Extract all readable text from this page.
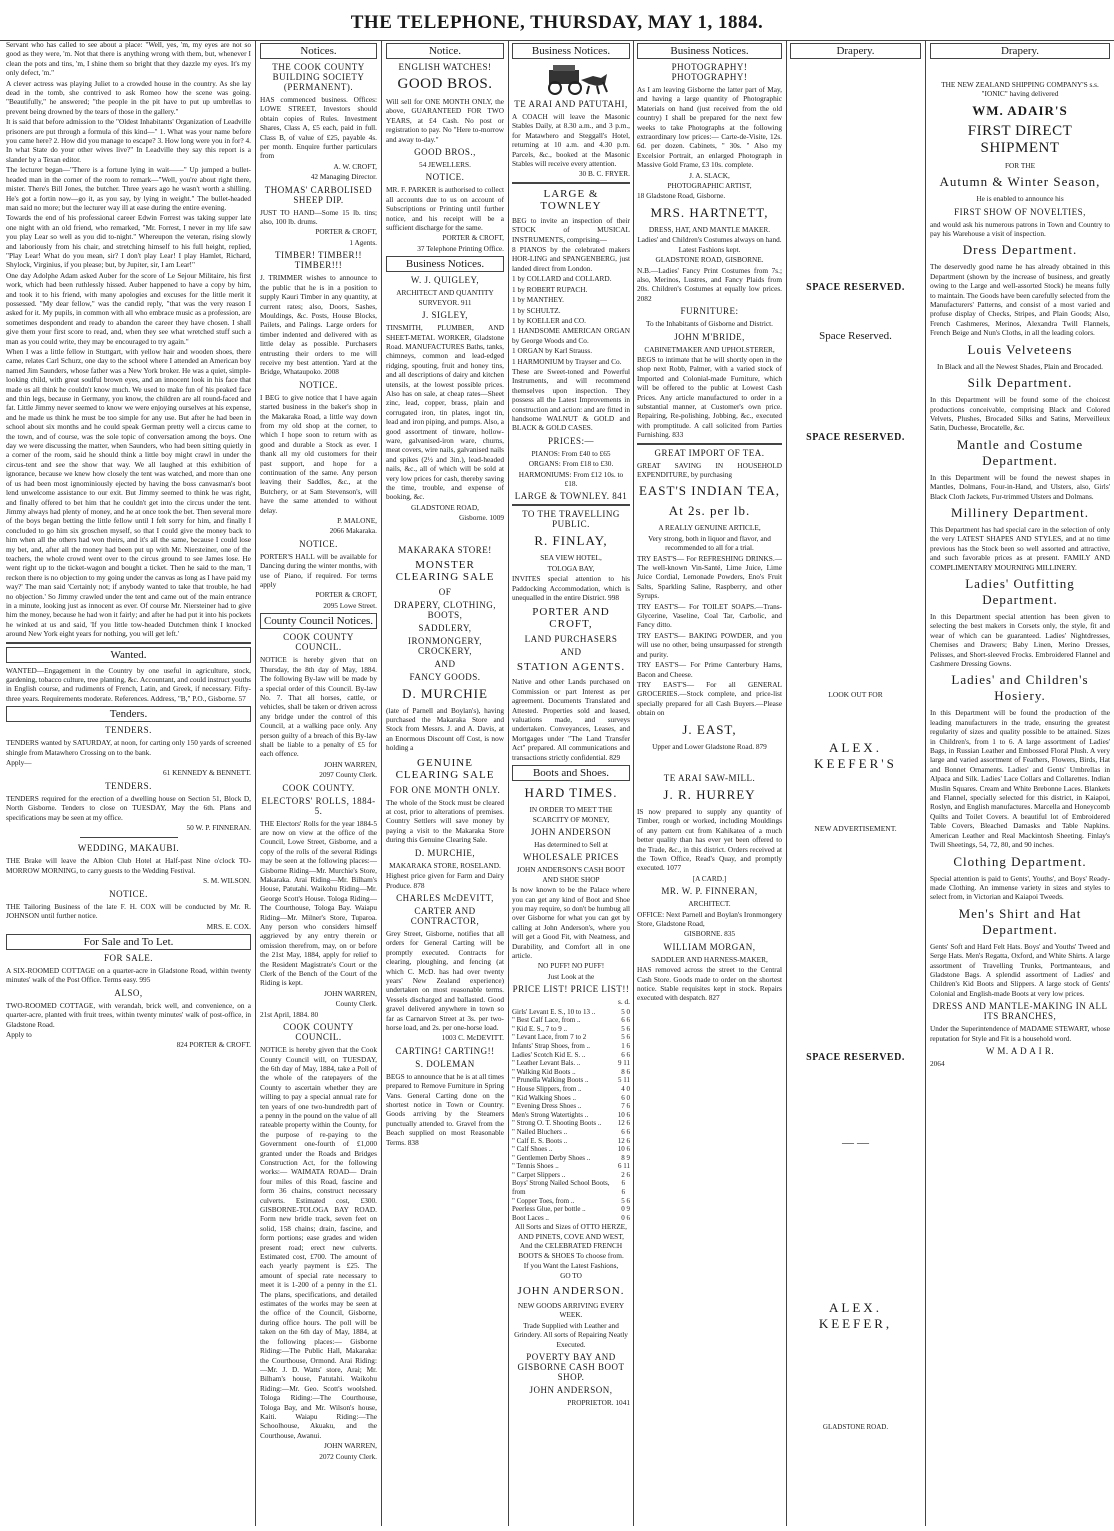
THE TELEPHONE, THURSDAY, MAY 1, 1884.

Servant who has called to see about a place: "Well, yes, 'm, my eyes are not so good as they were, 'm. Not that there is anything wrong with them, but, whenever I clean the pots and tins, 'm, I shine them so bright that they dazzle my eyes. It's my only defect, 'm."

A clever actress was playing Juliet to a crowded house in the country. As she lay dead in the tomb, she contrived to ask Romeo how the scene was going. "Beautifully," he answered; "the people in the pit have to put up umbrellas to prevent being drowned by the tears of those in the gallery."

It is said that before admission to the "Oldest Inhabitants' Organization of Leadville prisoners are put through a formula of this kind—" 1. What was your name before you came here? 2. How did you manage to escape? 3. How long were you in for? 4. In what State do your other wives live?" In Leadville they say this report is a slander by a Texan editor.

The lecturer began—"There is a fortune lying in wait——" Up jumped a bullet-headed man in the corner of the room to remark—"Well, you're about right there, mister. There's Bill Jones, the butcher. Three years ago he wasn't worth a shilling. He's got a fortin now—go it, as you say, by lying in weight." The bullet-headed man said no more; but the lecturer way ill at ease during the entire evening.

Towards the end of his professional career Edwin Forrest was taking supper late one night with an old friend, who remarked, "Mr. Forrest, I never in my life saw you play Lear so well as you did to-night." Whereupon the veteran, rising slowly and laboriously from his chair, and stretching himself to his full height, replied, "Play Lear! What do you mean, sir? I don't play Lear! I play Hamlet, Richard, Shylock, Virginius, if you please; but, by Jupiter, sir, I am Lear!"

One day Adolphe Adam asked Auber for the score of Le Sejour Militaire, his first work, which had been ruthlessly hissed. Auber happened to have a copy by him, and took it to his friend, with many apologies and excuses for the little merit it possessed. "My dear fellow," was the candid reply, "that was the very reason I asked for it. My pupils, in common with all who embrace music as a profession, are sometimes despondent and ready to abandon the career they have chosen. I shall give them your first score to read, and, when they see what wretched stuff such a man as you could write, they may be encouraged to try again."

When I was a little fellow in Stuttgart, with yellow hair and wooden shoes, there came, relates Carl Schurz, one day to the school where I attended an American boy named Jim Saunders, whose father was a New York broker. He was a quiet, simple-looking child, with great soulful brown eyes, and an innocent look in his face that made us all think he couldn't know much. We used to make fun of his peaked face and thin legs, because in Germany, you know, the children are all round-faced and fat. Little Jimmy never seemed to know we were enjoying ourselves at his expense, and he made us think he must be too simple for any use. But after he had been in school about six months and he could speak German pretty well a circus came to the town, and of course, was the sole topic of conversation among the boys. One day we were discussing the matter, when Saunders, who had been sitting quietly in a corner of the room, said he should think a little boy might crawl in under the circus-tent and see the show that way. We all laughed at this exhibition of ignorance, because we knew how closely the tent was watched, and more than one of us had been most ignominiously ejected by having the boss canvasman's boot lend unwelcome assistance to our exit. But Jimmy seemed to think he was right, and finally offered to bet him that he couldn't get into the circus under the tent. Jimmy always had plenty of money, and he at once took the bet. Then several more of the boys began betting the little fellow until I felt sorry for him, and finally I concluded to go him six groschen myself, so that I could give the money back to him when all the others had won theirs, and it's all the same, because I could lose my bet, and, after all the money had been put up with Mr. Niersteiner, one of the teachers, the whole crowd went over to the circus ground to see James lose. He went right up to the ticket-wagon and bought a ticket. Then he said to the man, 'I reckon there is no objection to my going under the canvas as long as I have paid my way?' The man said 'Certainly not; if anybody wanted to take that trouble, he had no objection.' So Jimmy crawled under the tent and came out of the main entrance in a minute, looking just as innocent as ever. Of course Mr. Niersteiner had to give him the money, because he had won it fairly; and after he had put it into his pockets he winked at us and said, 'If you little tow-headed Dutchmen think I knocked around New York eight years for nothing, you will get left.'

Wanted.

WANTED—Engagement in the Country by one useful in agriculture, stock, gardening, tobacco culture, tree planting, &c. Accountant, and could instruct youths in English course, and rudiments of French, Latin, and Greek, if necessary. Fifty-three years. Requirements moderate. References. Address, "B," P.O., Gisborne. 57

Tenders.
TENDERS.

TENDERS wanted by SATURDAY, at noon, for carting only 150 yards of screened shingle from Matawhero Crossing on to the bank.

Apply—

61 KENNEDY & BENNETT.

TENDERS.

TENDERS required for the erection of a dwelling house on Section 51, Block D, North Gisborne. Tenders to close on TUESDAY, May the 6th. Plans and specifications may be seen at my office.

50 W. P. FINNERAN.

WEDDING, MAKAUBI.

THE Brake will leave the Albion Club Hotel at Half-past Nine o'clock TO-MORROW MORNING, to carry guests to the Wedding Festival.

S. M. WILSON.

NOTICE.

THE Tailoring Business of the late F. H. COX will be conducted by Mr. R. JOHNSON until further notice.

MRS. E. COX.

For Sale and To Let.
FOR SALE.

A SIX-ROOMED COTTAGE on a quarter-acre in Gladstone Road, within twenty minutes' walk of the Post Office. Terms easy. 995

ALSO,

TWO-ROOMED COTTAGE, with verandah, brick well, and convenience, on a quarter-acre, planted with fruit trees, within twenty minutes' walk of post-office, in Gladstone Road.

Apply to

824 PORTER & CROFT.

Notices.
THE COOK COUNTY BUILDING SOCIETY (PERMANENT).

HAS commenced business. Offices: LOWE STREET, Investors should obtain copies of Rules. Investment Shares, Class A, £5 each, paid in full. Class B, of value of £25, payable 4s. per month. Enquire further particulars from

A. W. CROFT,

42 Managing Director.

THOMAS' CARBOLISED SHEEP DIP.

JUST TO HAND—Some 15 lb. tins; also, 100 lb. drums.

PORTER & CROFT,

1 Agents.

TIMBER! TIMBER!! TIMBER!!!

J. TRIMMER wishes to announce to the public that he is in a position to supply Kauri Timber in any quantity, at current rates; also, Doors, Sashes, Mouldings, &c. Posts, House Blocks, Pailets, and Palings. Large orders for timber indented and delivered with as little delay as possible. Purchasers entrusting their orders to me will receive my best attention. Yard at the Bridge, Whataupoko. 2008

NOTICE.

I BEG to give notice that I have again started business in the baker's shop in the Makaraka Road, a little way down from my old shop at the corner, to which I hope soon to return with as good and durable a Stock as ever. I thank all my old customers for their past support, and hope for a continuation of the same. Any person leaving their Saddles, &c., at the Butchery, or at Sam Stevenson's, will have the same attended to without delay.

P. MALONE,

2066 Makaraka.

NOTICE.

PORTER'S HALL will be available for Dancing during the winter months, with use of Piano, if required. For terms apply

PORTER & CROFT,

2095 Lowe Street.

County Council Notices.
COOK COUNTY COUNCIL.

NOTICE is hereby given that on Thursday, the 8th day of May, 1884. The following By-law will be made by a special order of this Council. By-law No. 7. That all horses, cattle, or vehicles, shall be taken or driven across any bridge under the control of this Council, at a walking pace only. Any person guilty of a breach of this By-law shall be liable to a penalty of £5 for each offence.

JOHN WARREN,

2097 County Clerk.

COOK COUNTY.
ELECTORS' ROLLS, 1884-5.

THE Electors' Rolls for the year 1884-5 are now on view at the office of the Council, Lowe Street, Gisborne, and a copy of the rolls of the several Ridings may be seen at the following places:— Gisborne Riding—Mr. Murchie's Store, Makaraka. Arai Riding—Mr. Bilham's House, Patutahi. Waikohu Riding—Mr. George Scott's House. Tologa Riding—The Courthouse, Tologa Bay. Waiapu Riding—Mr. Milner's Store, Tuparoa. Any person who considers himself aggrieved by any entry therein or omission therefrom, may, on or before the 21st May, 1884, apply for relief to the Resident Magistrate's Court or the Clerk of the Bench of the Court of the Riding is kept.

JOHN WARREN,

County Clerk.

21st April, 1884. 80

COOK COUNTY COUNCIL.

NOTICE is hereby given that the Cook County Council will, on TUESDAY, the 6th day of May, 1884, take a Poll of the whole of the ratepayers of the County to ascertain whether they are willing to pay a special annual rate for ten years of one two-hundredth part of a penny in the pound on the value of all rateable property within the County, for the purpose of re-paying to the Government one-fourth of £1,000 granted under the Roads and Bridges Construction Act, for the following works:— WAIMATA ROAD— Drain four miles of this Road, fascine and form 36 chains, construct necessary culverts. Estimated cost, £300. GISBORNE-TOLOGA BAY ROAD. Form new bridle track, seven feet on solid, 158 chains; drain, fascine, and form portions; ease grades and widen present road; erect new culverts. Estimated cost, £700. The amount of each yearly payment is £25. The amount of special rate necessary to meet it is 1-200 of a penny in the £1. The plans, specifications, and detailed estimates of the works may be seen at the office of the Council, Gisborne, during office hours. The poll will be taken on the 6th day of May, 1884, at the following places:— Gisborne Riding:—The Public Hall, Makaraka: the Courthouse, Ormond. Arai Riding:—Mr. J. D. Watts' store, Arai; Mr. Bilham's house, Patutahi. Waikohu Riding:—Mr. Geo. Scott's woolshed. Tologa Riding:—The Courthouse, Tologa Bay, and Mr. Wilson's house, Kaiti. Waiapu Riding:—The Schoolhouse, Akuaku, and the Courthouse, Awanui.

JOHN WARREN,

2072 County Clerk.

Notice.
ENGLISH WATCHES!
GOOD BROS.

Will sell for ONE MONTH ONLY, the above, GUARANTEED FOR TWO YEARS, at £4 Cash. No post or registration to pay. No "Here to-morrow and away to-day."

GOOD BROS.,

54 JEWELLERS.

NOTICE.

MR. F. PARKER is authorised to collect all accounts due to us on account of Subscriptions or Printing until further notice, and his receipt will be a sufficient discharge for the same.

PORTER & CROFT,

37 Telephone Printing Office.

Business Notices.
W. J. QUIGLEY,

ARCHITECT AND QUANTITY SURVEYOR. 911

J. SIGLEY,

TINSMITH, PLUMBER, AND SHEET-METAL WORKER, Gladstone Road. MANUFACTURES Baths, tanks, chimneys, common and lead-edged ridging, spouting, fruit and honey tins, and all descriptions of dairy and kitchen utensils, at the lowest possible prices. Also has on sale, at cheap rates—Sheet zinc, lead, copper, brass, plain and corrugated iron, tin plates, ingot tin, lead and iron piping, and pumps. Also, a good assortment of tinware, hollow-ware, galvanised-iron ware, churns, meat covers, wire nails, galvanised nails and spikes (2½ and 3in.), lead-headed nails, &c., all of which will be sold at very low prices for cash, thereby saving the time, trouble, and expense of booking, &c.

GLADSTONE ROAD,

Gisborne. 1009

MAKARAKA STORE!
MONSTER CLEARING SALE
OF
DRAPERY, CLOTHING, BOOTS,
SADDLERY,
IRONMONGERY, CROCKERY,
AND
FANCY GOODS.
D. MURCHIE

(late of Parnell and Boylan's), having purchased the Makaraka Store and Stock from Messrs. J. and A. Davis, at an Enormous Discount off Cost, is now holding a

GENUINE CLEARING SALE
FOR ONE MONTH ONLY.

The whole of the Stock must be cleared at cost, prior to alterations of premises. Country Settlers will save money by paying a visit to the Makaraka Store during this Genuine Clearing Sale.

D. MURCHIE,

MAKARAKA STORE, ROSELAND.

Highest price given for Farm and Dairy Produce. 878

CHARLES McDEVITT,
CARTER AND CONTRACTOR,

Grey Street, Gisborne, notifies that all orders for General Carting will be promptly executed. Contracts for clearing, ploughing, and fencing (at which C. McD. has had over twenty years' New Zealand experience) undertaken on most reasonable terms. Vessels discharged and ballasted. Good gravel delivered anywhere in town so far as Carnarvon Street at 3s. per two-horse load, and 2s. per one-horse load.

1003 C. McDEVITT.

CARTING! CARTING!!
S. DOLEMAN

BEGS to announce that he is at all times prepared to Remove Furniture in Spring Vans. General Carting done on the shortest notice in Town or Country. Goods arriving by the Steamers punctually attended to. Gravel from the Beach supplied on most Reasonable Terms. 838

Business Notices.
TE ARAI AND PATUTAHI,

A COACH will leave the Masonic Stables Daily, at 8.30 a.m., and 3 p.m., for Matawhero and Steggall's Hotel, returning at 10 a.m. and 4.30 p.m. Parcels, &c., booked at the Masonic Stables will receive every attention.

30 B. C. FRYER.

LARGE & TOWNLEY

BEG to invite an inspection of their STOCK of MUSICAL INSTRUMENTS, comprising—

8 PIANOS by the celebrated makers HOR-LING and SPANGENBERG, just landed direct from London.

1 by COLLARD and COLLARD.

1 by ROBERT RUPACH.

1 by MANTHEY.

1 by SCHULTZ.

1 by KOELLER and CO.

1 HANDSOME AMERICAN ORGAN by George Woods and Co.

1 ORGAN by Karl Strauss.

1 HARMONIUM by Trayser and Co.

These are Sweet-toned and Powerful Instruments, and will recommend themselves upon inspection. They possess all the Latest Improvements in construction and action: and are fitted in handsome WALNUT & GOLD and BLACK & GOLD CASES.

PRICES:—

PIANOS: From £40 to £65

ORGANS: From £18 to £30.

HARMONIUMS: From £12 10s. to £18.

LARGE & TOWNLEY. 841
TO THE TRAVELLING PUBLIC.
R. FINLAY,

SEA VIEW HOTEL,

TOLOGA BAY,

INVITES special attention to his Paddocking Accommodation, which is unequalled in the entire District. 998

PORTER AND CROFT,
LAND PURCHASERS
AND
STATION AGENTS.

Native and other Lands purchased on Commission or part Interest as per agreement. Documents Translated and Attested. Properties sold and leased, valuations made, and surveys undertaken. Conveyances, Leases, and Mortgages under "The Land Transfer Act" prepared. All communications and transactions strictly confidential. 829

Boots and Shoes.
HARD TIMES.

IN ORDER TO MEET THE SCARCITY OF MONEY,

JOHN ANDERSON

Has determined to Sell at

WHOLESALE PRICES

JOHN ANDERSON'S CASH BOOT AND SHOE SHOP

Is now known to be the Palace where you can get any kind of Boot and Shoe you may require, so don't be humbug all over Gisborne for what you can get by calling at John Anderson's, where you will get a Good Fit, with Neatness, and Durability, and Comfort all in one article.

NO PUFF! NO PUFF!

Just Look at the

PRICE LIST! PRICE LIST!!

s. d.

Girls' Levant E. S., 10 to 13 ..	5 0
" Best Calf Lace, from ..	6 6
" Kid E. S., 7 to 9 ..	5 6
" Levant Lace, from 7 to 2	5 6
Infants' Strap Shoes, from ..	1 6
Ladies' Scotch Kid E. S. ..	6 6
" Leather Levant Bals. ..	9 11
" Walking Kid Boots ..	8 6
" Prunella Walking Boots ..	5 11
" House Slippers, from ..	4 0
" Kid Walking Shoes ..	6 0
" Evening Dress Shoes ..	7 6
Men's Strong Watertights ..	10 6
" Strong O. T. Shooting Boots .. 12 6
" Nailed Bluchers ..	6 6
" Calf E. S. Boots ..	12 6
" Calf Shoes ..	10 6
" Gentlemen Derby Shoes ..	8 9
" Tennis Shoes ..	6 11
" Carpet Slippers ..	2 6
Boys' Strong Nailed School Boots, from
6 6
" Copper Toes, from ..	5 6
Peerless Glue, per bottle ..	0 9
Boot Laces ..	0 6

All Sorts and Sizes of OTTO HERZE, AND PINETS, COVE AND WEST, And the CELEBRATED FRENCH BOOTS & SHOES To choose from.

If you Want the Latest Fashions,

GO TO

JOHN ANDERSON.

NEW GOODS ARRIVING EVERY WEEK.

Trade Supplied with Leather and Grindery. All sorts of Repairing Neatly Executed.

POVERTY BAY AND GISBORNE CASH BOOT SHOP.
JOHN ANDERSON,

PROPRIETOR. 1041

Business Notices.
PHOTOGRAPHY! PHOTOGRAPHY!

As I am leaving Gisborne the latter part of May, and having a large quantity of Photographic Materials on hand (just received from the old country) I shall be prepared for the next few weeks to take Photographs at the following extraordinary low prices:— Carte-de-Visite, 12s. 6d. per dozen. Cabinets, " 30s. " Also my Excelsior Portrait, an enlarged Photograph in Massive Gold Frame, £3 10s. complete.

J. A. SLACK,

PHOTOGRAPHIC ARTIST,

18 Gladstone Road, Gisborne.

MRS. HARTNETT,

DRESS, HAT, AND MANTLE MAKER.

Ladies' and Children's Costumes always on hand. Latest Fashions kept.

GLADSTONE ROAD, GISBORNE.

N.B.—Ladies' Fancy Print Costumes from 7s.; also, Merinos, Lustres, and Fancy Plaids from 20s. Children's Costumes at equally low prices. 2082

FURNITURE:

To the Inhabitants of Gisborne and District.

JOHN M'BRIDE,

CABINETMAKER AND UPHOLSTERER,

BEGS to intimate that he will shortly open in the shop next Robb, Palmer, with a varied stock of Imported and Colonial-made Furniture, which will be offered to the public at Lowest Cash Prices. Any article manufactured to order in a substantial manner, at Customer's own price. Repairing, Re-polishing, Jobbing, &c., executed with promptitude. A call solicited from Parties Furnishing. 833

GREAT IMPORT OF TEA.

GREAT SAVING IN HOUSEHOLD EXPENDITURE, by purchasing

EAST'S INDIAN TEA,
At 2s. per lb.

A REALLY GENUINE ARTICLE,

Very strong, both in liquor and flavor, and recommended to all for a trial.

TRY EAST'S— For REFRESHING DRINKS.—The well-known Vin-Santé, Lime Juice, Lime Juice Cordial, Lemonade Powders, Eno's Fruit Salts, Sparkling Saline, Raspberry, and other Syrups.

TRY EAST'S— For TOILET SOAPS.—Trans-Glycerine, Vaseline, Coal Tar, Carbolic, and Fancy ditto.

TRY EAST'S— BAKING POWDER, and you will use no other, being unsurpassed for strength and purity.

TRY EAST'S— For Prime Canterbury Hams, Bacon and Cheese.

TRY EAST'S— For all GENERAL GROCERIES.—Stock complete, and price-list specially prepared for all Cash Buyers.—Please obtain on

J. EAST,

Upper and Lower Gladstone Road. 879

TE ARAI SAW-MILL.
J. R. HURREY

IS now prepared to supply any quantity of Timber, rough or worked, including Mouldings of any pattern cut from Kahikatea of a much better quality than has ever yet been offered to the Trade, &c., in this district. Orders received at the Town Office, Read's Quay, and promptly executed. 1077

[A CARD.]

MR. W. P. FINNERAN,

ARCHITECT.

OFFICE: Next Parnell and Boylan's Ironmongery Store, Gladstone Road,

GISBORNE. 835

WILLIAM MORGAN,

SADDLER AND HARNESS-MAKER,

HAS removed across the street to the Central Cash Store. Goods made to order on the shortest notice. Stable requisites kept in stock. Repairs executed with despatch. 827

Drapery.
SPACE RESERVED.
Space Reserved.
SPACE RESERVED.
LOOK OUT FOR
ALEX. KEEFER'S
NEW ADVERTISEMENT.
SPACE RESERVED.
— —
ALEX. KEEFER,
GLADSTONE ROAD.
Drapery.

THE NEW ZEALAND SHIPPING COMPANY'S s.s. "IONIC" having delivered

WM. ADAIR'S
FIRST DIRECT SHIPMENT

FOR THE

Autumn & Winter Season,

He is enabled to announce his

FIRST SHOW OF NOVELTIES,

and would ask his numerous patrons in Town and Country to pay his Warehouse a visit of inspection.

Dress Department.

The deservedly good name he has already obtained in this Department (shown by the increase of business, and greatly owing to the Large and well-assorted Stock) he means fully to maintain. The Goods have been carefully selected from the Manufacturers' Patterns, and consist of a most varied and profuse display of Checks, Stripes, and Plain Goods; Also, French Cashmeres, Merinos, Alexandra Twill Flannels, French Beige and Nun's Cloths, in all the leading colors.

Louis Velveteens

In Black and all the Newest Shades, Plain and Brocaded.

Silk Department.

In this Department will be found some of the choicest productions conceivable, comprising Black and Colored Velvets, Plushes, Brocaded Silks and Satins, Merveilleux Satin, Duchesse, Brocatelle, &c.

Mantle and Costume Department.

In this Department will be found the newest shapes in Mantles, Dolmans, Four-in-Hand, and Ulsters, also, Girls' Black Cloth Jackets, Fur-trimmed Ulsters and Dolmans.

Millinery Department.

This Department has had special care in the selection of only the very LATEST SHAPES AND STYLES, and at no time previous has the Stock been so well assorted and attractive, and such favorable prices as at present. FAMILY AND COMPLIMENTARY MOURNING MILLINERY.

Ladies' Outfitting Department.

In this Department special attention has been given to selecting the best makers in Corsets only, the style, fit and wear of which can be guaranteed. Ladies' Nightdresses, Chemises and Drawers; Baby Linen, Merino Dresses, Pelisses, and Short-sleeved Frocks. Embroidered Flannel and Cashmere Dressing Gowns.

Ladies' and Children's Hosiery.

In this Department will be found the production of the leading manufacturers in the trade, ensuring the greatest regularity of sizes and quality possible to be attained. Sizes in Children's, from 1 to 6. A large assortment of Ladies' Bags, in Russian Leather and Embossed Floral Plush. A very large and varied assortment of Feathers, Flowers, Birds, Hat and Bonnet Ornaments. Ladies' and Gents' Umbrellas in Alpaca and Silk. Ladies' Lace Collars and Collarettes. Indian Muslin Squares. Cream and White Brebonne Laces. Blankets and Flannel, specially selected for this district, in Kaiapoi, Roslyn, and English manufactures. Marcella and Honeycomb Quilts and Toilet Covers. A beautiful lot of Embroidered Table Covers, Bleached Damasks and Table Napkins. American Leather and Real Mackintosh Sheeting. Finlay's Twill Sheetings, 54, 72, 80, and 90 inches.

Clothing Department.

Special attention is paid to Gents', Youths', and Boys' Ready-made Clothing. An immense variety in sizes and styles to select from, in Victorian and Kaiapoi Tweeds.

Men's Shirt and Hat Department.

Gents' Soft and Hard Felt Hats. Boys' and Youths' Tweed and Serge Hats. Men's Regatta, Oxford, and White Shirts. A large assortment of Travelling Trunks, Portmanteaus, and Gladstone Bags. A splendid assortment of Ladies' and Children's Kid Boots and Slippers. A large stock of Gents' Colonial and English-made Boots at very low prices.

DRESS AND MANTLE-MAKING IN ALL ITS BRANCHES,

Under the Superintendence of MADAME STEWART, whose reputation for Style and Fit is a household word.

W M. A D A I R.

2064
